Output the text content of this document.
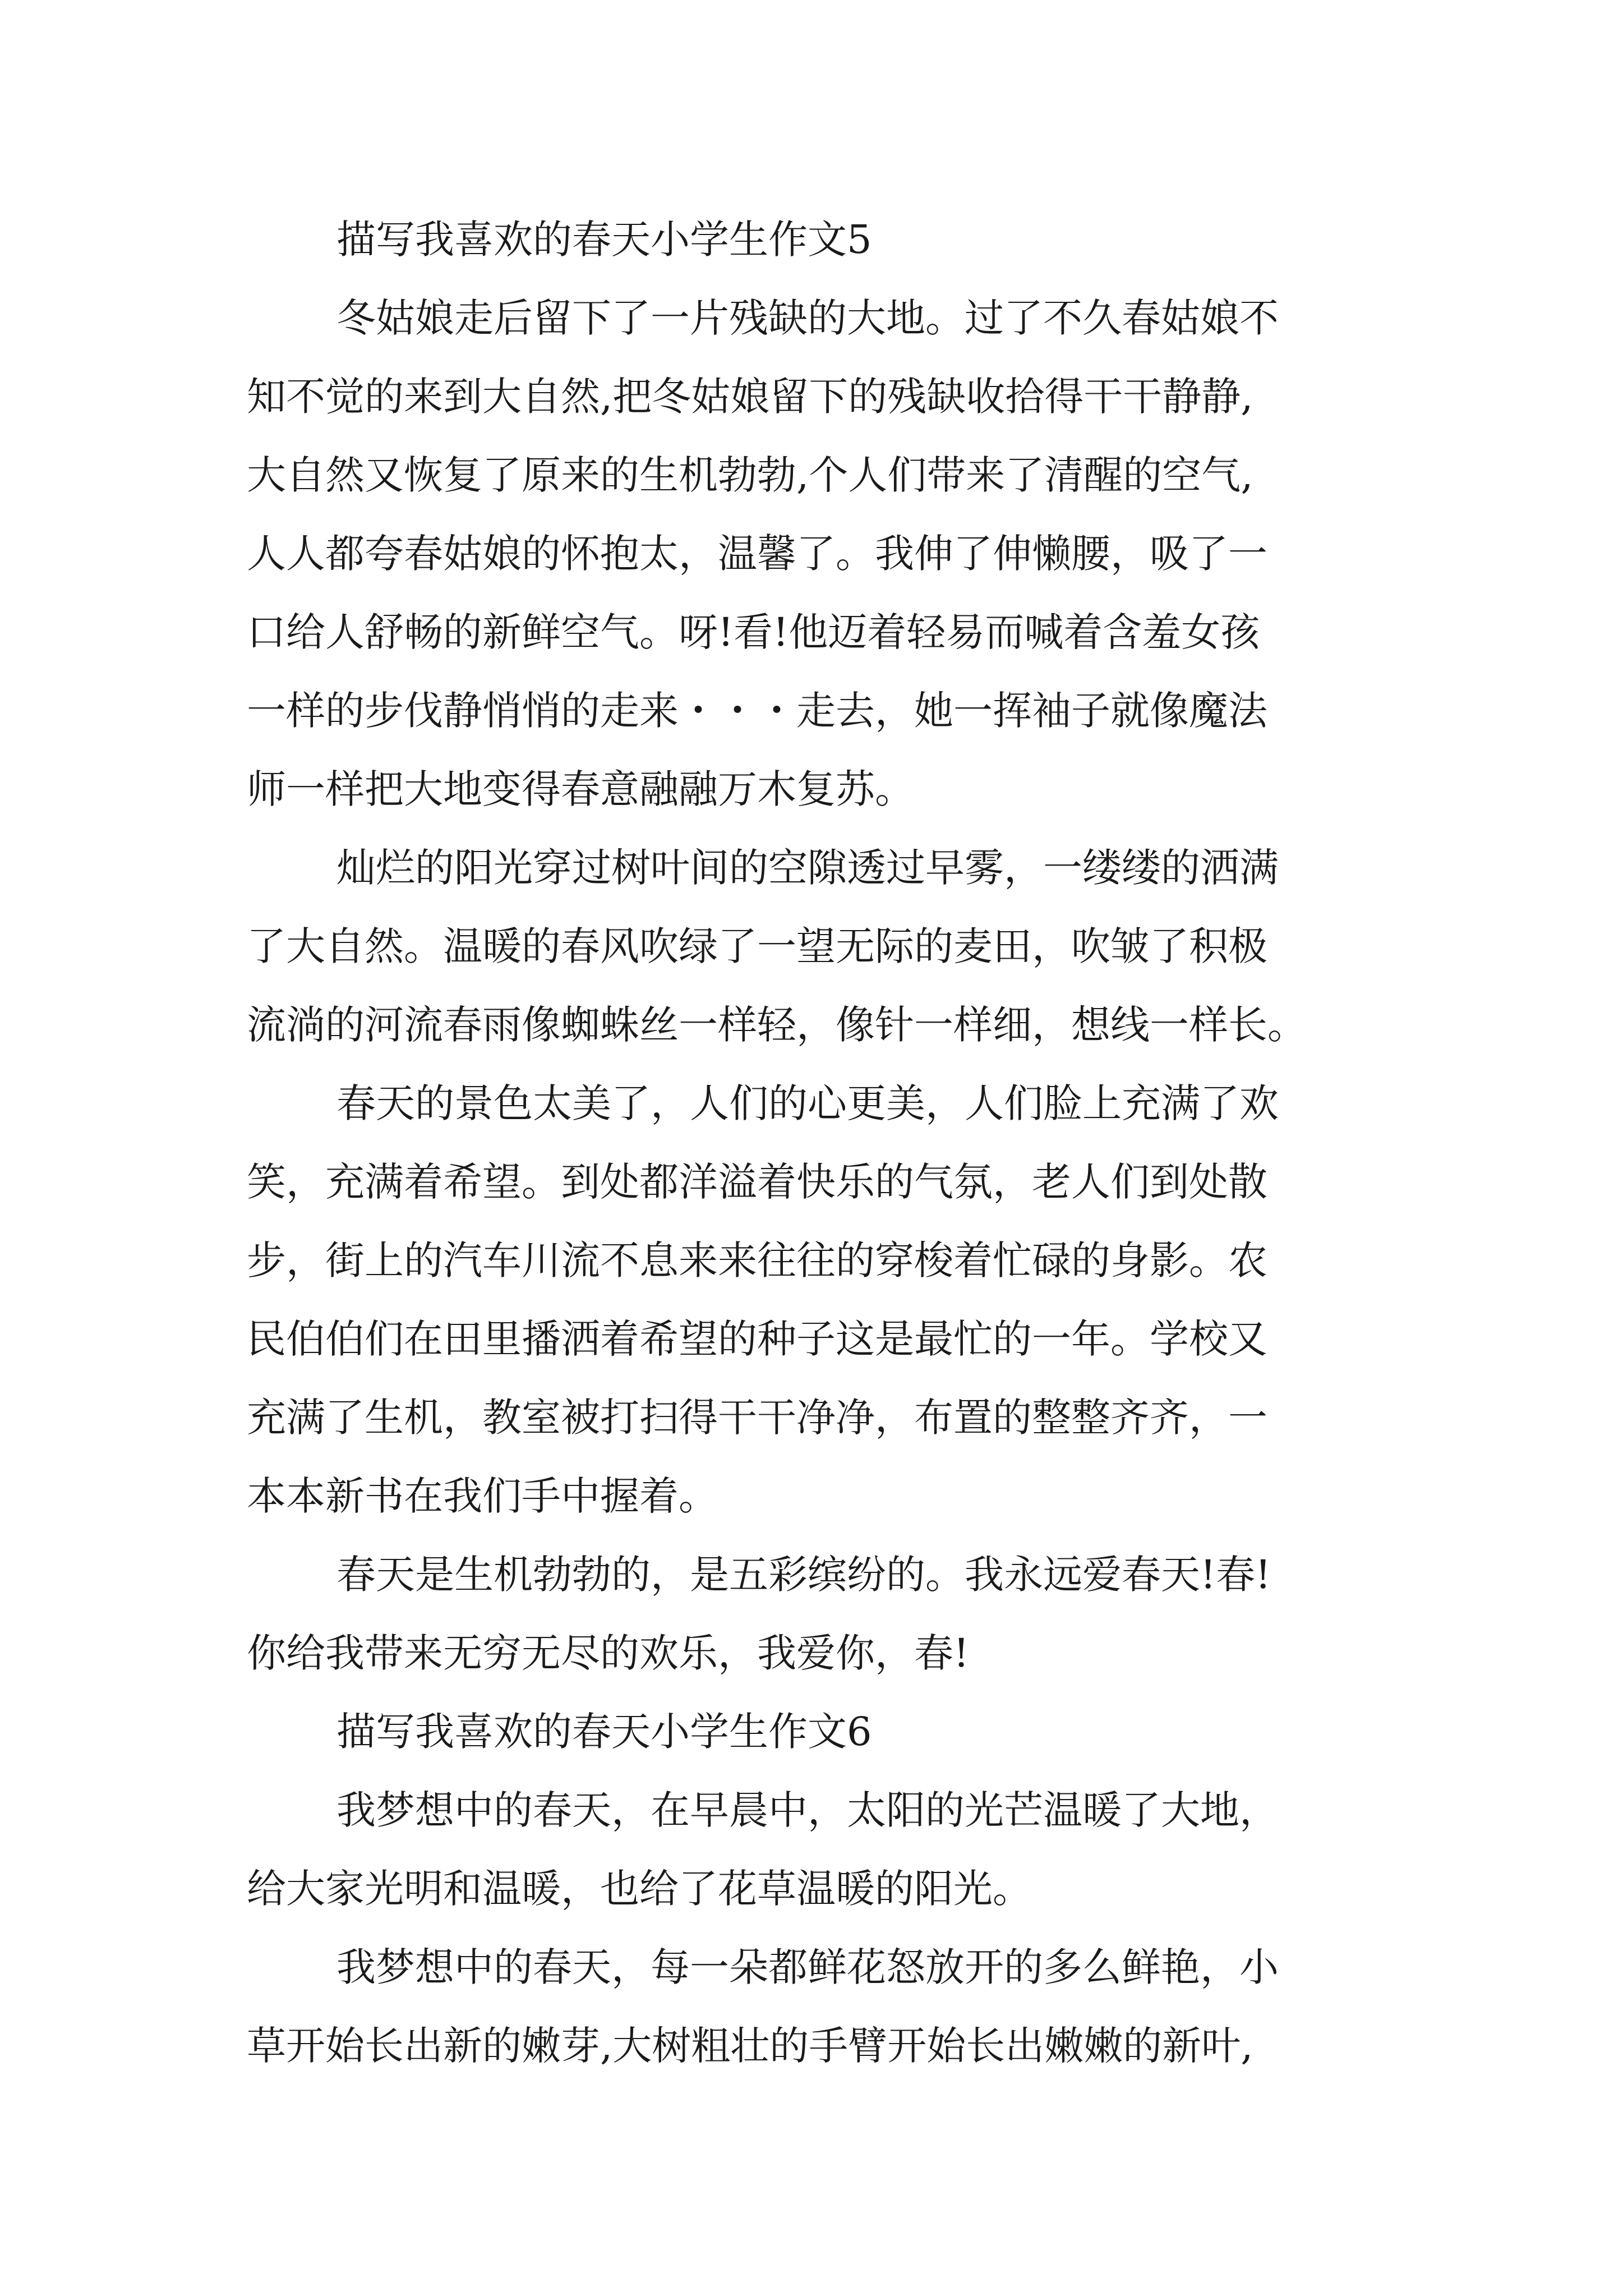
描写我喜欢的春天小学生作文5
冬姑娘走后留下了一片残缺的大地。过了不久春姑娘不
知不觉的来到大自然,把冬姑娘留下的残缺收拾得干干静静,
大自然又恢复了原来的生机勃勃,个人们带来了清醒的空气,
人人都夸春姑娘的怀抱太，温馨了。我伸了伸懒腰，吸了一
口给人舒畅的新鲜空气。呀!看!他迈着轻易而喊着含羞女孩
一样的步伐静悄悄的走来・・・走去，她一挥袖子就像魔法
师一样把大地变得春意融融万木复苏。
灿烂的阳光穿过树叶间的空隙透过早雾，一缕缕的洒满
了大自然。温暖的春风吹绿了一望无际的麦田，吹皱了积极
流淌的河流春雨像蜘蛛丝一样轻，像针一样细，想线一样长。
春天的景色太美了，人们的心更美，人们脸上充满了欢
笑，充满着希望。到处都洋溢着快乐的气氛，老人们到处散
步，街上的汽车川流不息来来往往的穿梭着忙碌的身影。农
民伯伯们在田里播洒着希望的种子这是最忙的一年。学校又
充满了生机，教室被打扫得干干净净，布置的整整齐齐，一
本本新书在我们手中握着。
春天是生机勃勃的，是五彩缤纷的。我永远爱春天!春!
你给我带来无穷无尽的欢乐，我爱你，春!
描写我喜欢的春天小学生作文6
我梦想中的春天，在早晨中，太阳的光芒温暖了大地，
给大家光明和温暖，也给了花草温暖的阳光。
我梦想中的春天，每一朵都鲜花怒放开的多么鲜艳，小
草开始长出新的嫩芽,大树粗壮的手臂开始长出嫩嫩的新叶,
